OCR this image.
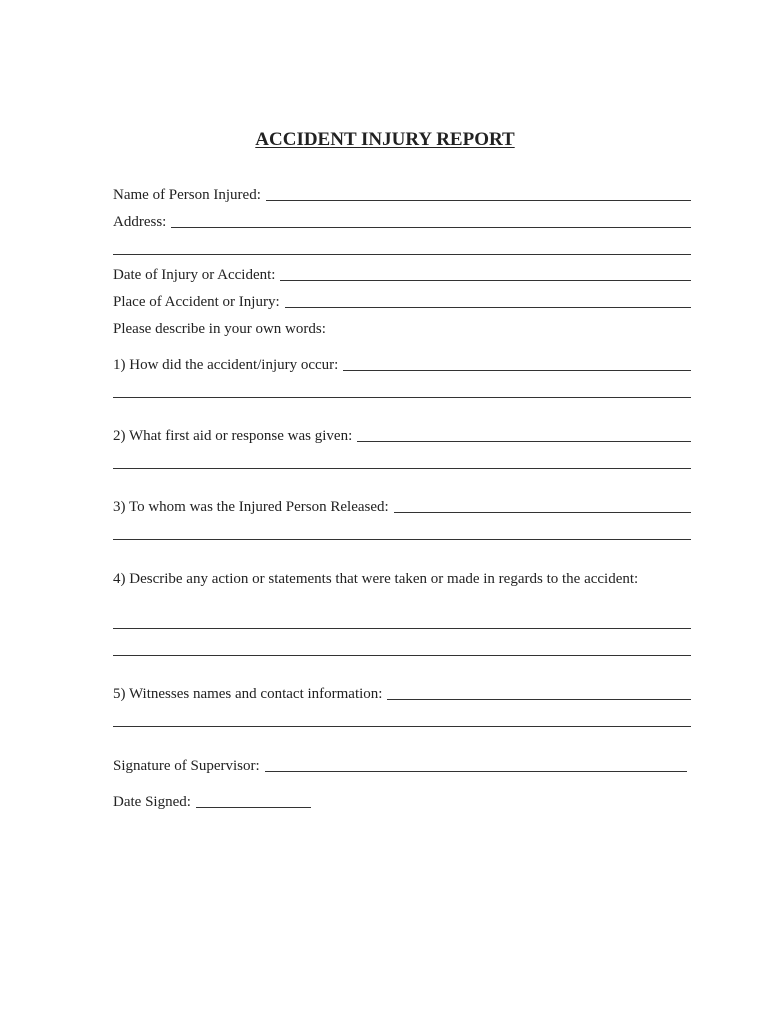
ACCIDENT INJURY REPORT
Name of Person Injured:
Address:
Date of Injury or Accident:
Place of Accident or Injury:
Please describe in your own words:
1) How did the accident/injury occur:
2) What first aid or response was given:
3) To whom was the Injured Person Released:
4) Describe any action or statements that were taken or made in regards to the accident:
5) Witnesses names and contact information:
Signature of Supervisor:
Date Signed:
